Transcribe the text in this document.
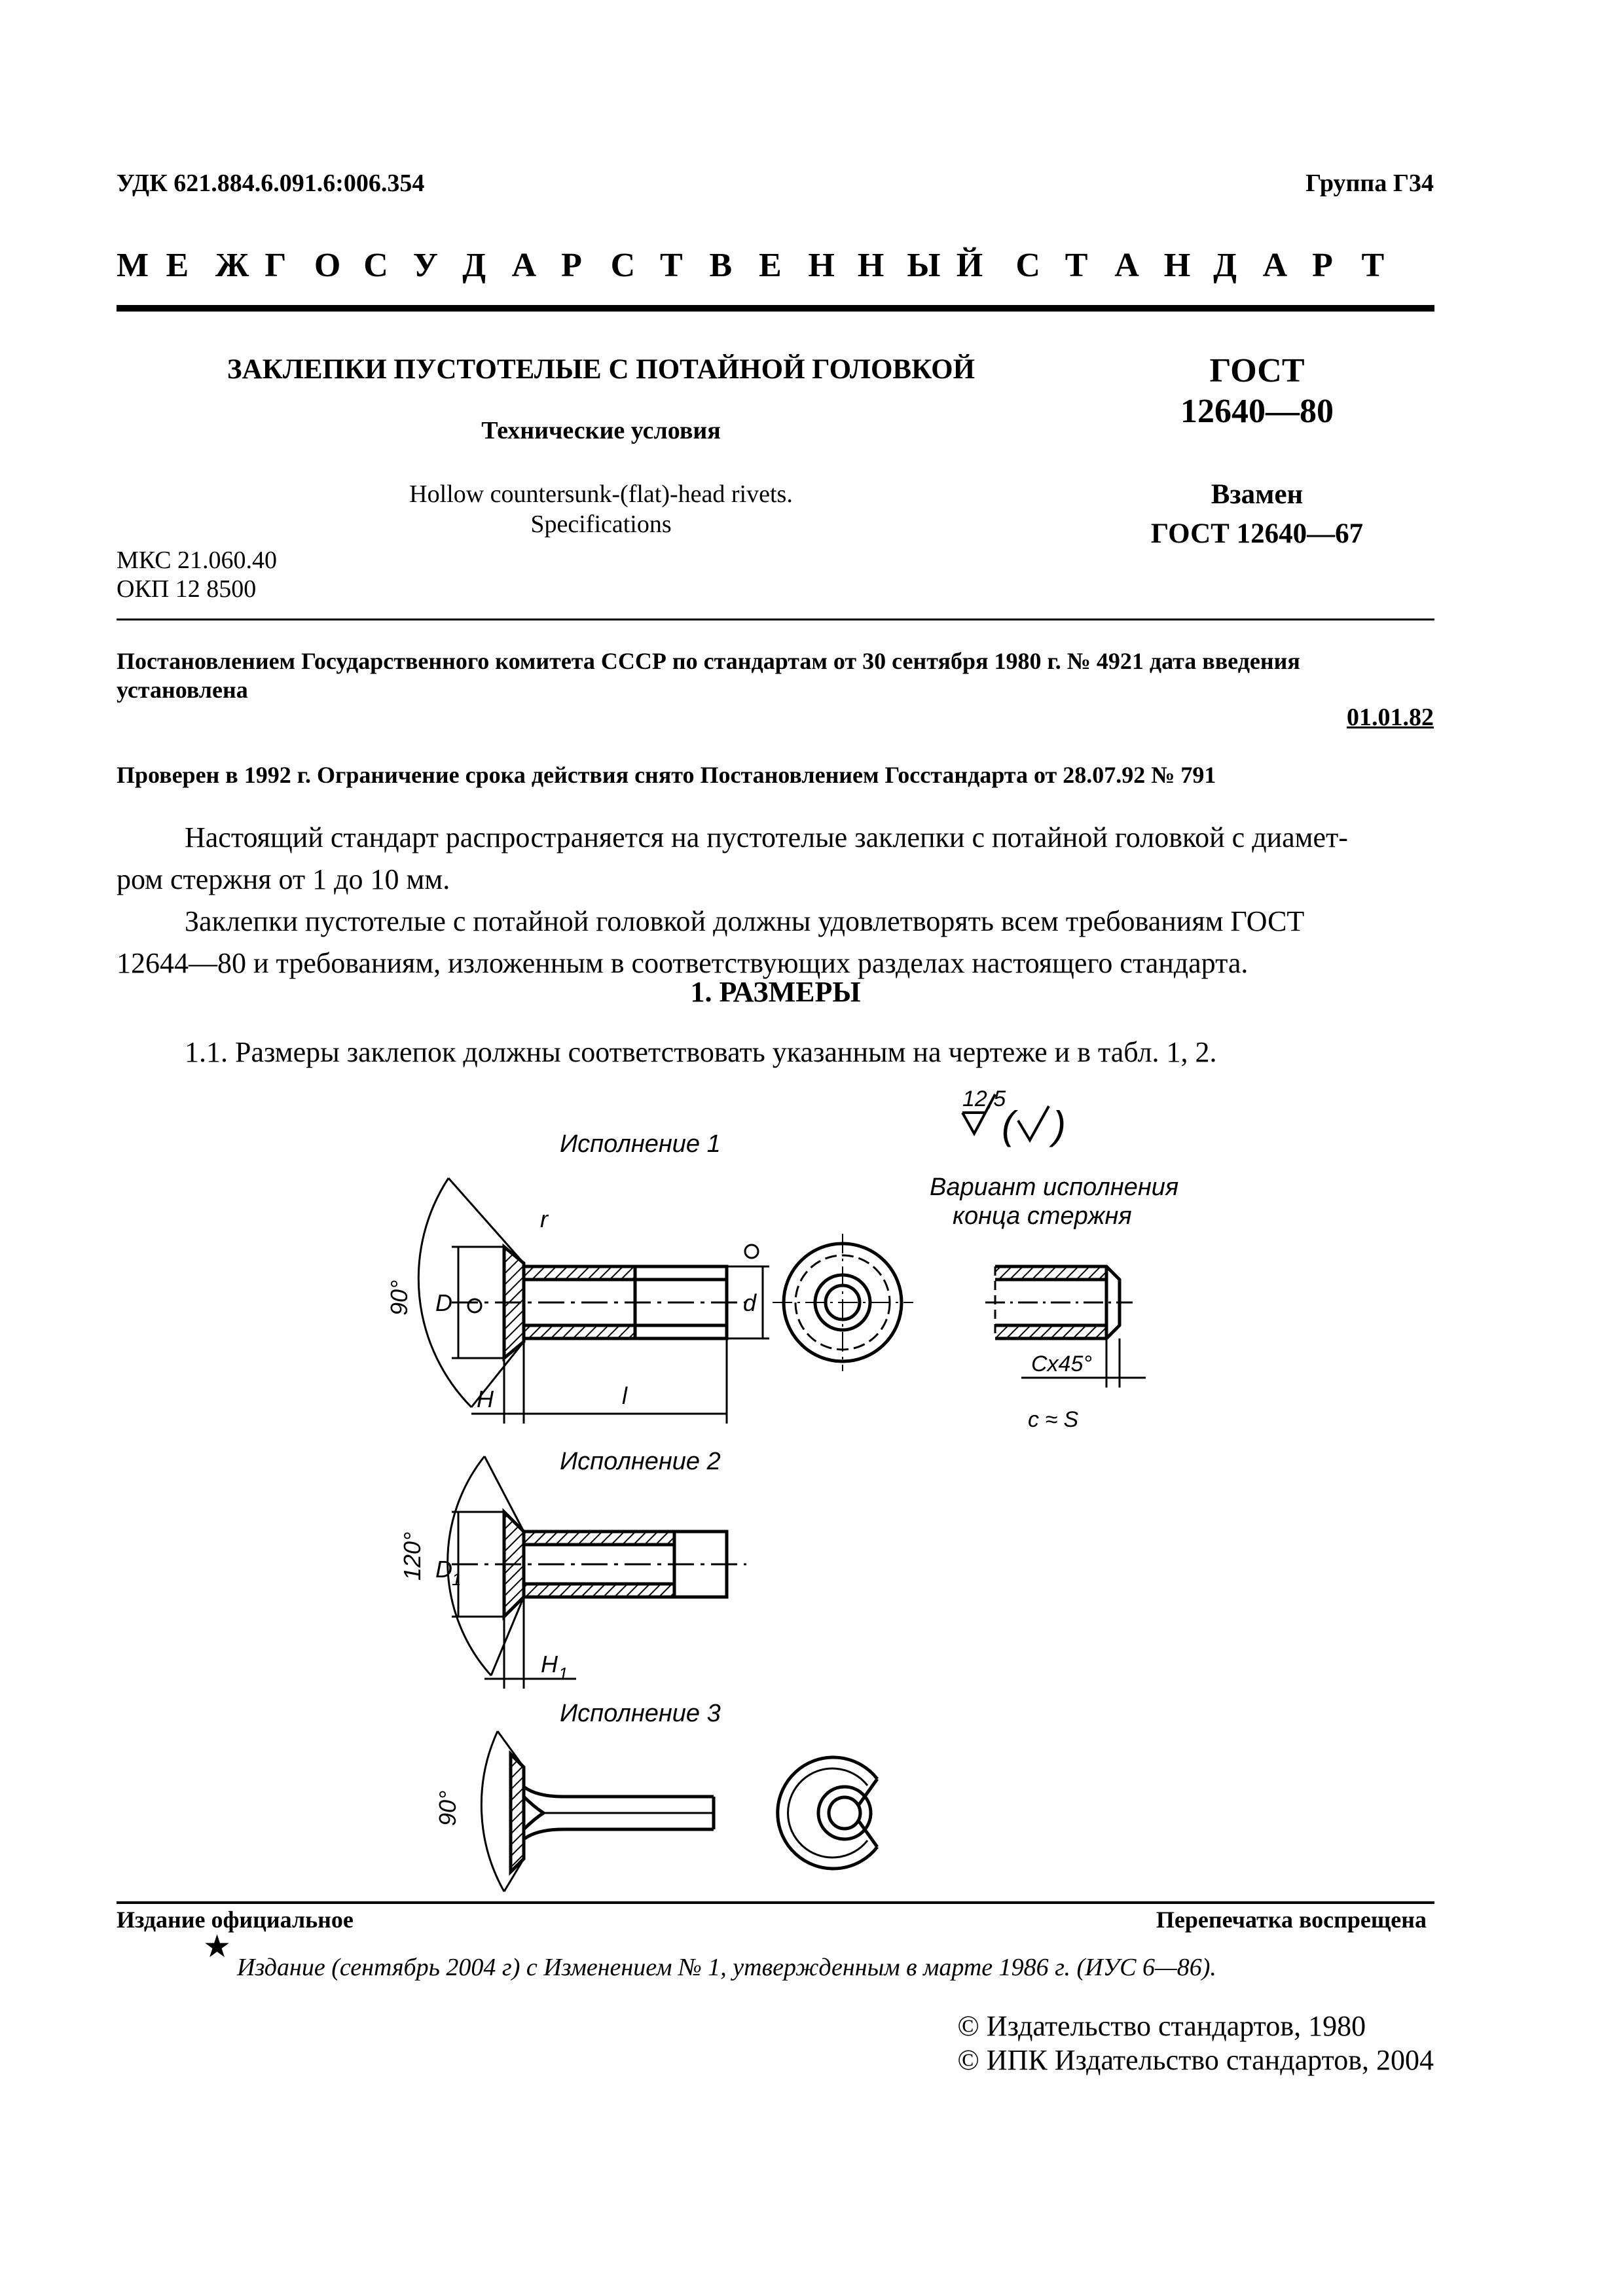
УДК 621.884.6.091.6:006.354	Группа Г34
М Е Ж Г О С У Д А Р С Т В Е Н Н Ы Й С Т А Н Д А Р Т
ЗАКЛЕПКИ ПУСТОТЕЛЫЕ С ПОТАЙНОЙ ГОЛОВКОЙ
Технические условия
Hollow countersunk-(flat)-head rivets.
Specifications
МКС 21.060.40
ОКП 12 8500
ГОСТ
12640—80
Взамен
ГОСТ 12640—67
Постановлением Государственного комитета СССР по стандартам от 30 сентября 1980 г. № 4921 дата введения
установлена
01.01.82
Проверен в 1992 г. Ограничение срока действия снято Постановлением Госстандарта от 28.07.92 № 791
Настоящий стандарт распространяется на пустотелые заклепки с потайной головкой с диамет-
ром стержня от 1 до 10 мм.
Заклепки пустотелые с потайной головкой должны удовлетворять всем требованиям ГОСТ
12644—80 и требованиям, изложенным в соответствующих разделах настоящего стандарта.
1. РАЗМЕРЫ
1.1. Размеры заклепок должны соответствовать указанным на чертеже и в табл. 1, 2.
12,5
( )
Исполнение 1
Вариант исполнения
конца стержня
90° D	d
r
H	l
Cx45°
c ≈ S
Исполнение 2
120° D 1
H 1
Исполнение 3
90°
Издание официальное	Перепечатка воспрещена
★
Издание (сентябрь 2004 г) с Изменением № 1, утвержденным в марте 1986 г. (ИУС 6—86).
© Издательство стандартов, 1980
© ИПК Издательство стандартов, 2004
